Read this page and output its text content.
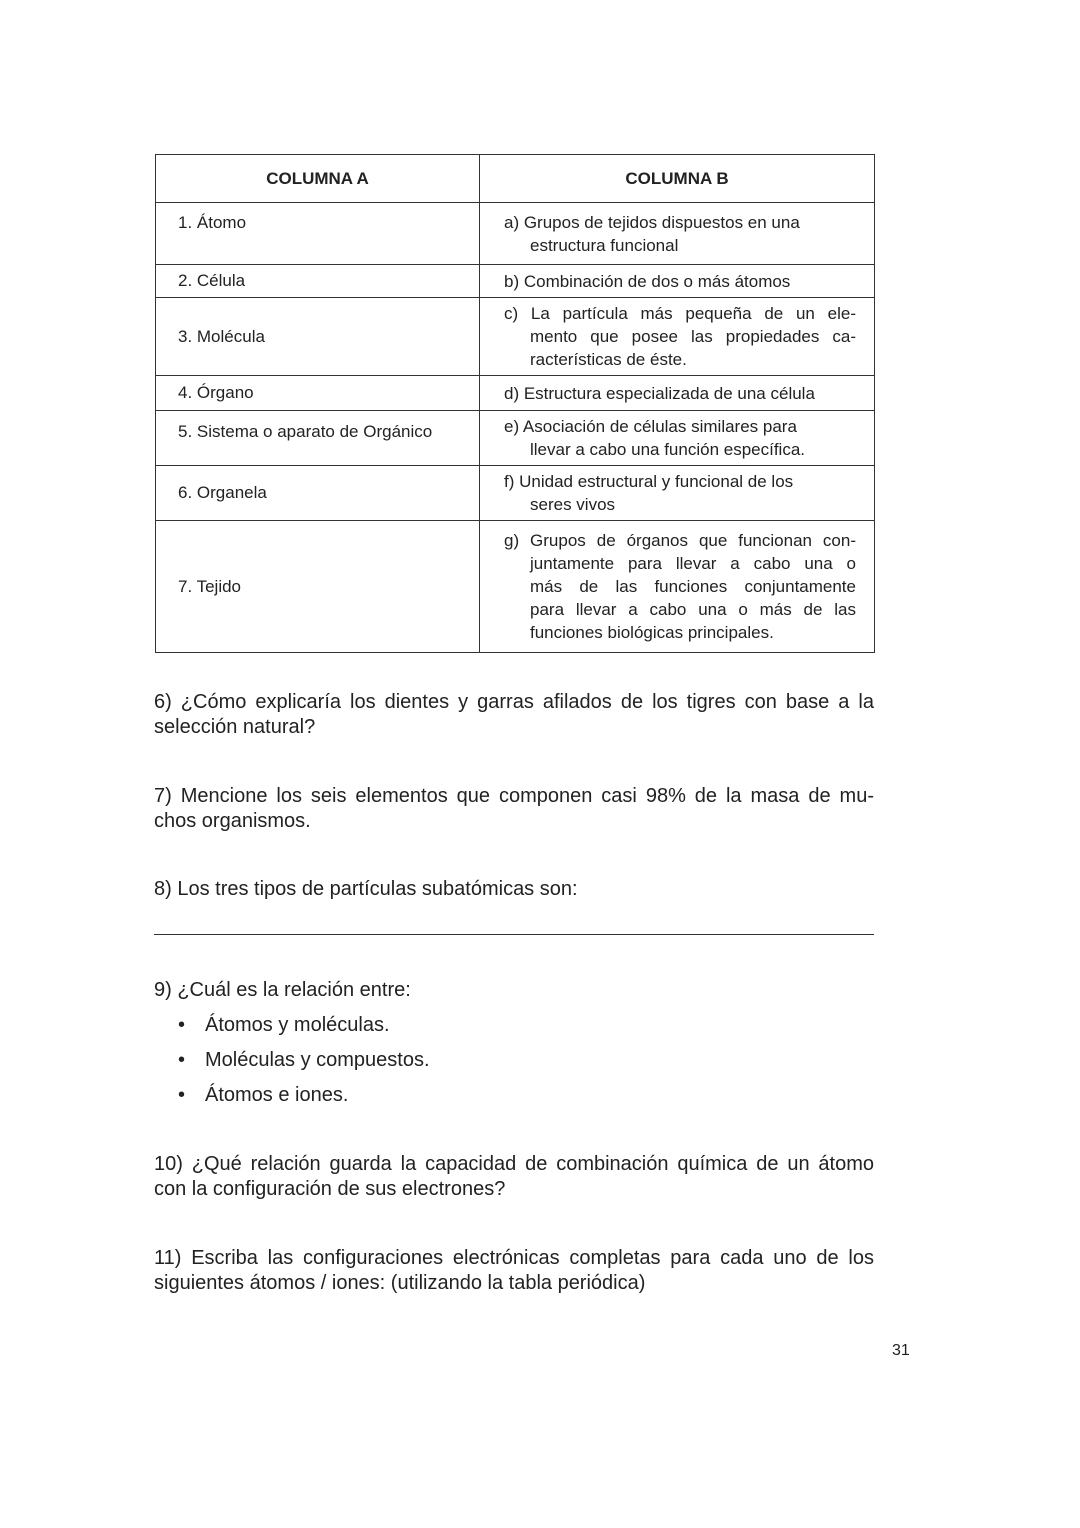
COLUMNA A	COLUMNA B
1. Átomo	a) Grupos de tejidos dispuestos en una
estructura funcional

2. Célula	b) Combinación de dos o más átomos

3. Molécula	c) La partícula más pequeña de un ele-
mento que posee las propiedades ca-
racterísticas de éste.

4. Órgano	d) Estructura especializada de una célula

5. Sistema o aparato de Orgánico	e) Asociación de células similares para
llevar a cabo una función específica.

6. Organela	f) Unidad estructural y funcional de los
seres vivos

7. Tejido	g) Grupos de órganos que funcionan con-
juntamente para llevar a cabo una o
más de las funciones conjuntamente
para llevar a cabo una o más de las
funciones biológicas principales.
6) ¿Cómo explicaría los dientes y garras afilados de los tigres con base a la
selección natural?
7) Mencione los seis elementos que componen casi 98% de la masa de mu-
chos organismos.
8) Los tres tipos de partículas subatómicas son:
9) ¿Cuál es la relación entre:
• Átomos y moléculas.
• Moléculas y compuestos.
• Átomos e iones.
10) ¿Qué relación guarda la capacidad de combinación química de un átomo
con la configuración de sus electrones?
11) Escriba las configuraciones electrónicas completas para cada uno de los
siguientes átomos / iones: (utilizando la tabla periódica)
31
